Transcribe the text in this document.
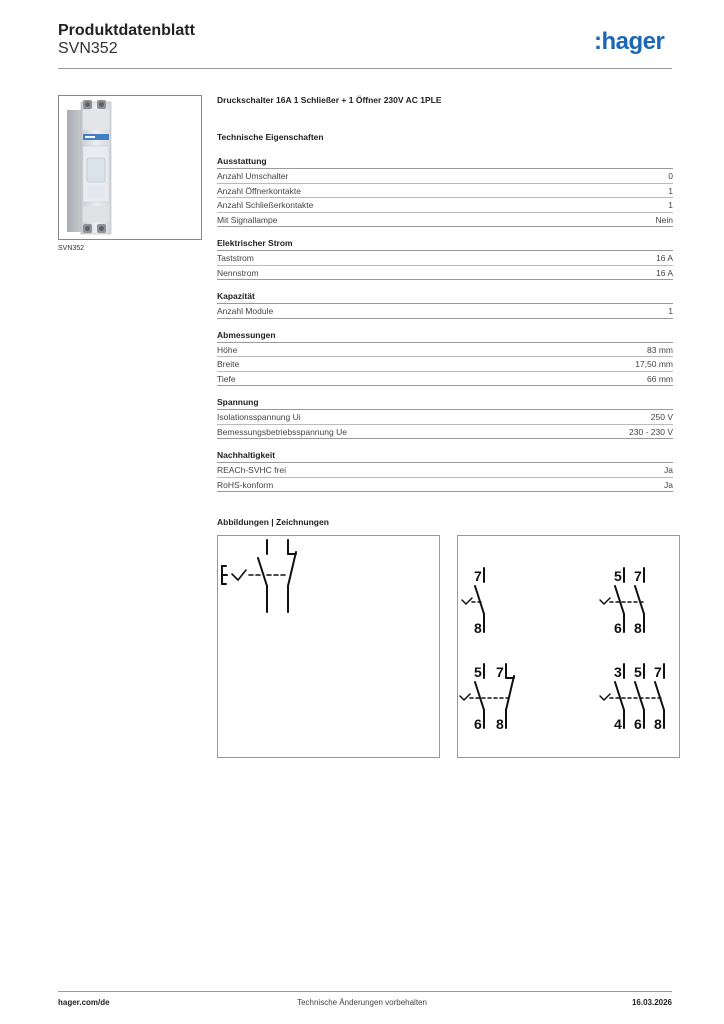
Produktdatenblatt
SVN352	:hager
SVN352
Druckschalter 16A 1 Schließer + 1 Öffner 230V AC 1PLE
Technische Eigenschaften
Ausstattung
Anzahl Umschalter	0
Anzahl Öffnerkontakte	1
Anzahl Schließerkontakte	1
Mit Signallampe	Nein
Elektrischer Strom
Taststrom	16 A
Nennstrom	16 A
Kapazität
Anzahl Module	1
Abmessungen
Höhe	83 mm
Breite	17,50 mm
Tiefe	66 mm
Spannung
Isolationsspannung Ui	250 V
Bemessungsbetriebsspannung Ue	230 - 230 V
Nachhaltigkeit
REACh-SVHC frei	Ja
RoHS-konform	Ja
Abbildungen | Zeichnungen
7
8
5 7
6 8
5 7
6 8
3 5 7
4 6 8
hager.com/de	Technische Änderungen vorbehalten	16.03.2026
